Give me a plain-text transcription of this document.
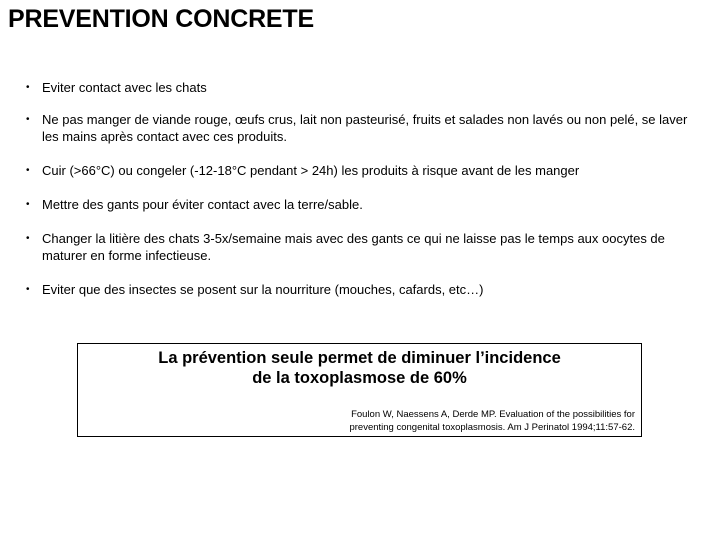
PREVENTION CONCRETE
• Eviter contact avec les chats
• Ne pas manger de viande rouge, œufs crus, lait non pasteurisé, fruits et salades non lavés ou non pelé, se laver les mains après contact avec ces produits.
• Cuir (>66°C) ou congeler (-12-18°C pendant > 24h) les produits à risque avant de les manger
• Mettre des gants pour éviter contact avec la terre/sable.
• Changer la litière des chats 3-5x/semaine mais avec des gants ce qui ne laisse pas le temps aux oocytes de maturer en forme infectieuse.
• Eviter que des insectes se posent sur la nourriture (mouches, cafards, etc…)
La prévention seule permet de diminuer l’incidence
de la toxoplasmose de 60%
Foulon W, Naessens A, Derde MP. Evaluation of the possibilities for
preventing congenital toxoplasmosis. Am J Perinatol 1994;11:57-62.
